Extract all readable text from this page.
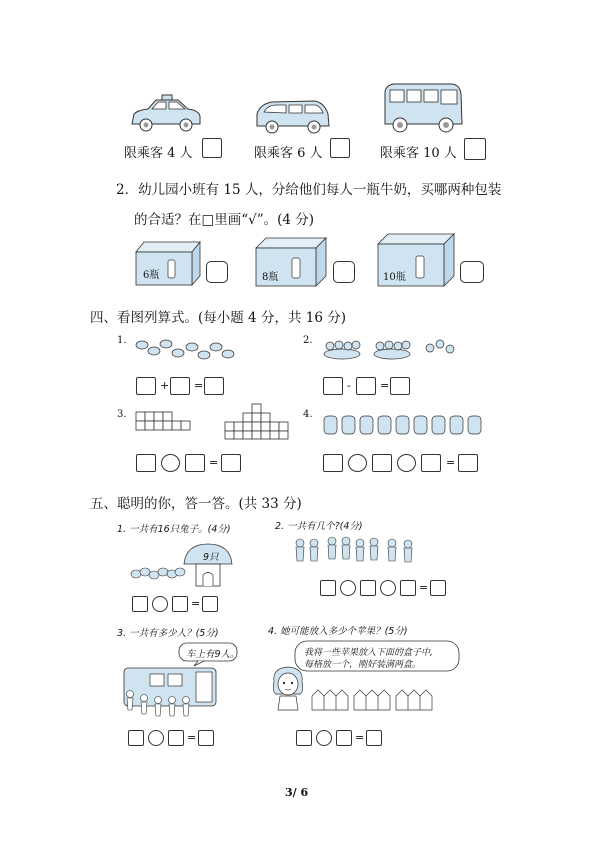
限乘客 4 人	限乘客 6 人	限乘客 10 人
2．幼儿园小班有 15 人，分给他们每人一瓶牛奶，买哪两种包装
的合适？在□里画“√”。(4 分)
6瓶	8瓶	10瓶
四、看图列算式。(每小题 4 分，共 16 分)
1.
+ =
2.
-	=
3.
=
4.
=
五、聪明的你，答一答。(共 33 分)
1. 一共有16只兔子。(4分)	2. 一共有几个?(4分)
9只
=
=
3. 一共有多少人？(5分)
车上有9人。
=
4. 她可能放入多少个苹果？(5分)
我将一些苹果放入下面的盒子中,
每格放一个，刚好装满两盒。
=
3/ 6
